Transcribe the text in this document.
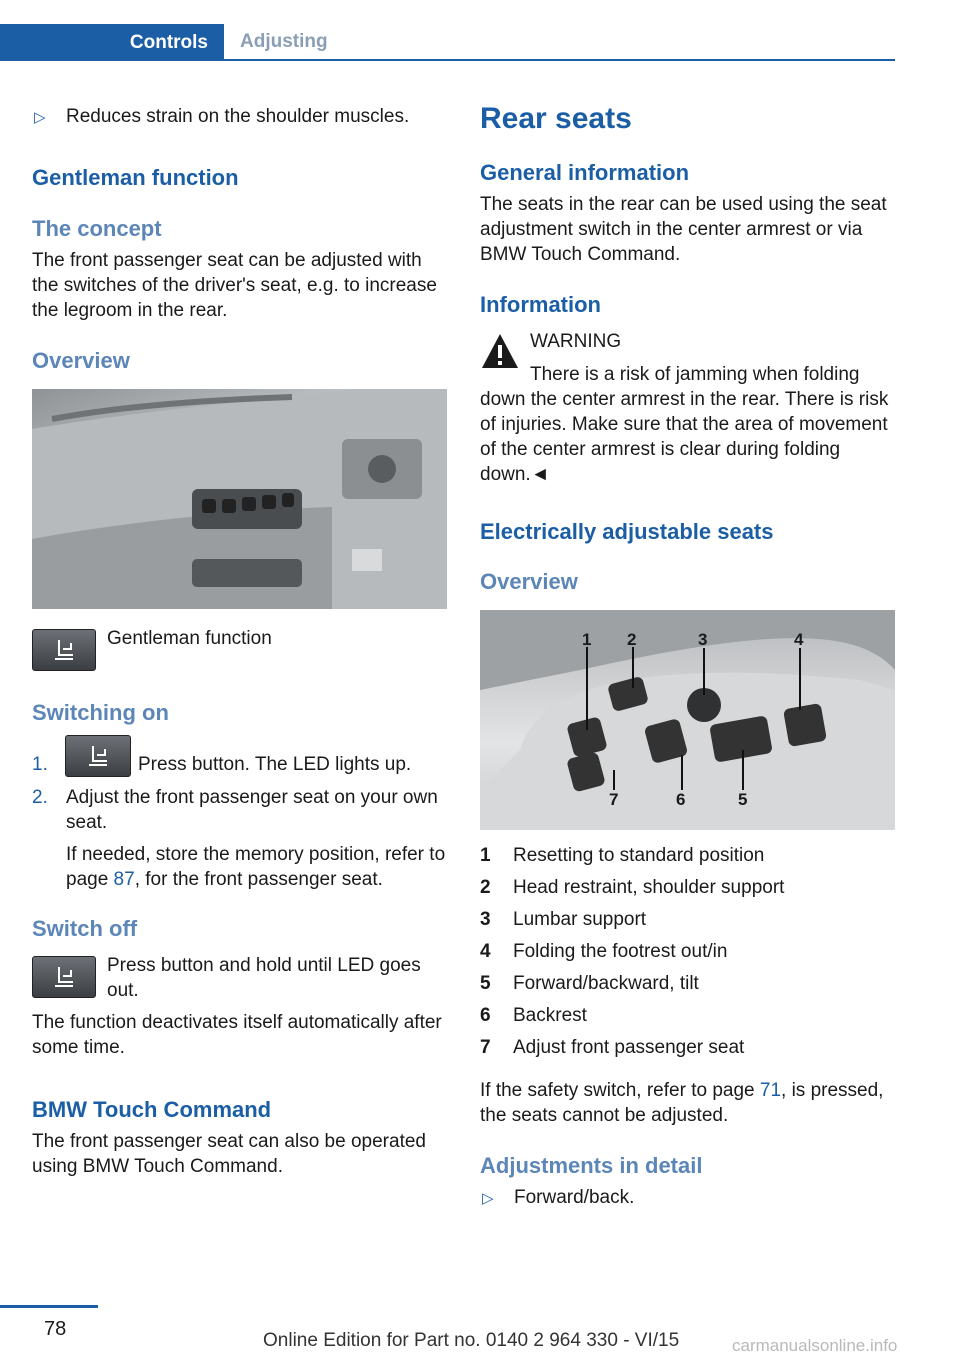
Controls	Adjusting
▷ Reduces strain on the shoulder muscles.

Gentleman function
The concept

The front passenger seat can be adjusted with the switches of the driver's seat, e.g. to increase the legroom in the rear.

Overview

Gentleman function

Switching on
1.	Press button. The LED lights up.

2. Adjust the front passenger seat on your own seat.

If needed, store the memory position, refer to page 87, for the front passenger seat.

Switch off

Press button and hold until LED goes out.

The function deactivates itself automatically after some time.

BMW Touch Command

The front passenger seat can also be operated using BMW Touch Command.

Rear seats
General information

The seats in the rear can be used using the seat adjustment switch in the center armrest or via BMW Touch Command.

Information

WARNING

There is a risk of jamming when folding down the center armrest in the rear. There is risk of injuries. Make sure that the area of movement of the center armrest is clear during folding down.◄

Electrically adjustable seats
Overview
1 2	3	4
5
6
7
1	Resetting to standard position
2	Head restraint, shoulder support
3	Lumbar support
4	Folding the footrest out/in
5	Forward/backward, tilt
6	Backrest
7	Adjust front passenger seat

If the safety switch, refer to page 71, is pressed, the seats cannot be adjusted.

Adjustments in detail
▷ Forward/back.

78
Online Edition for Part no. 0140 2 964 330 - VI/15	carmanualsonline.info
